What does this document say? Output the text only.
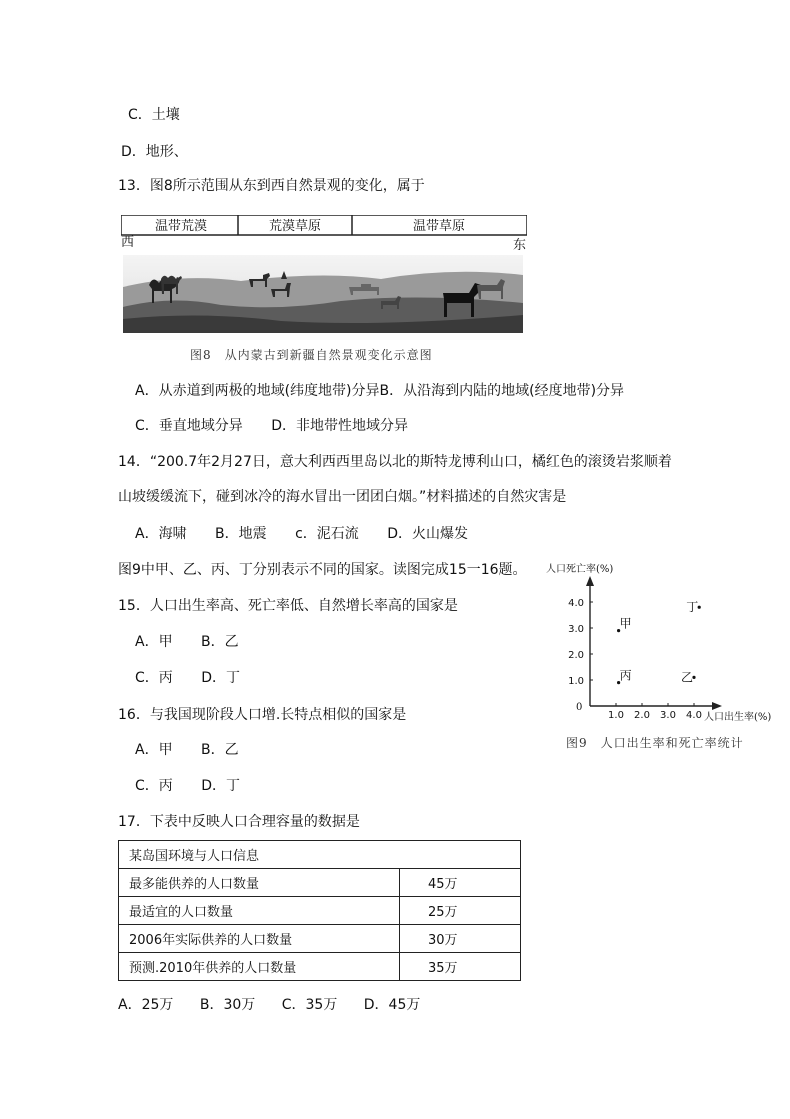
C．土壤
D．地形、
13．图8所示范围从东到西自然景观的变化，属于
温带荒漠	荒漠草原	温带草原
西	东
图8　从内蒙古到新疆自然景观变化示意图
A．从赤道到两极的地域(纬度地带)分异B．从沿海到内陆的地域(经度地带)分异
C．垂直地域分异 D．非地带性地域分异
14．“200.7年2月27日，意大利西西里岛以北的斯特龙博利山口，橘红色的滚烫岩浆顺着
山坡缓缓流下，碰到冰冷的海水冒出一团团白烟。”材料描述的自然灾害是
A．海啸 B．地震 c．泥石流 D．火山爆发
图9中甲、乙、丙、丁分别表示不同的国家。读图完成15一16题。
15．人口出生率高、死亡率低、自然增长率高的国家是
A．甲 B．乙
C．丙 D．丁
人口死亡率(%)
人口出生率(%)
0
1.0 2.0 3.0 4.0
1.0
2.0
3.0
4.0
甲
丁
丙	乙
图9　人口出生率和死亡率统计
16．与我国现阶段人口增.长特点相似的国家是
A．甲 B．乙
C．丙 D．丁
17．下表中反映人口合理容量的数据是
某岛国环境与人口信息	
最多能供养的人口数量	45万
最适宜的人口数量	25万
2006年实际供养的人口数量	30万
预测.2010年供养的人口数量	35万
A．25万 B．30万 C．35万 D．45万
